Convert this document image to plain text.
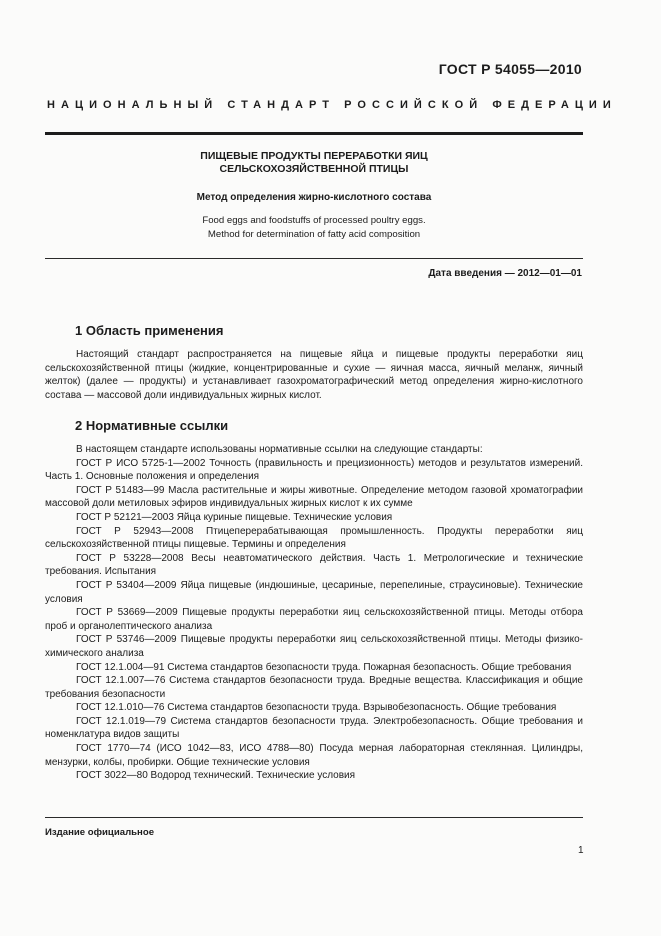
ГОСТ Р 54055—2010
НАЦИОНАЛЬНЫЙ СТАНДАРТ РОССИЙСКОЙ ФЕДЕРАЦИИ
ПИЩЕВЫЕ ПРОДУКТЫ ПЕРЕРАБОТКИ ЯИЦ
СЕЛЬСКОХОЗЯЙСТВЕННОЙ ПТИЦЫ
Метод определения жирно-кислотного состава
Food eggs and foodstuffs of processed poultry eggs.
Method for determination of fatty acid composition
Дата введения — 2012—01—01
1 Область применения

Настоящий стандарт распространяется на пищевые яйца и пищевые продукты переработки яиц сельскохозяйственной птицы (жидкие, концентрированные и сухие — яичная масса, яичный меланж, яичный желток) (далее — продукты) и устанавливает газохроматографический метод определения жирно-кислотного состава — массовой доли индивидуальных жирных кислот.

2 Нормативные ссылки

В настоящем стандарте использованы нормативные ссылки на следующие стандарты:

ГОСТ Р ИСО 5725-1—2002 Точность (правильность и прецизионность) методов и результатов измерений. Часть 1. Основные положения и определения

ГОСТ Р 51483—99 Масла растительные и жиры животные. Определение методом газовой хроматографии массовой доли метиловых эфиров индивидуальных жирных кислот к их сумме

ГОСТ Р 52121—2003 Яйца куриные пищевые. Технические условия

ГОСТ Р 52943—2008 Птицеперерабатывающая промышленность. Продукты переработки яиц сельскохозяйственной птицы пищевые. Термины и определения

ГОСТ Р 53228—2008 Весы неавтоматического действия. Часть 1. Метрологические и технические требования. Испытания

ГОСТ Р 53404—2009 Яйца пищевые (индюшиные, цесариные, перепелиные, страусиновые). Технические условия

ГОСТ Р 53669—2009 Пищевые продукты переработки яиц сельскохозяйственной птицы. Методы отбора проб и органолептического анализа

ГОСТ Р 53746—2009 Пищевые продукты переработки яиц сельскохозяйственной птицы. Методы физико-химического анализа

ГОСТ 12.1.004—91 Система стандартов безопасности труда. Пожарная безопасность. Общие требования

ГОСТ 12.1.007—76 Система стандартов безопасности труда. Вредные вещества. Классификация и общие требования безопасности

ГОСТ 12.1.010—76 Система стандартов безопасности труда. Взрывобезопасность. Общие требования

ГОСТ 12.1.019—79 Система стандартов безопасности труда. Электробезопасность. Общие требования и номенклатура видов защиты

ГОСТ 1770—74 (ИСО 1042—83, ИСО 4788—80) Посуда мерная лабораторная стеклянная. Цилиндры, мензурки, колбы, пробирки. Общие технические условия

ГОСТ 3022—80 Водород технический. Технические условия

Издание официальное
1
